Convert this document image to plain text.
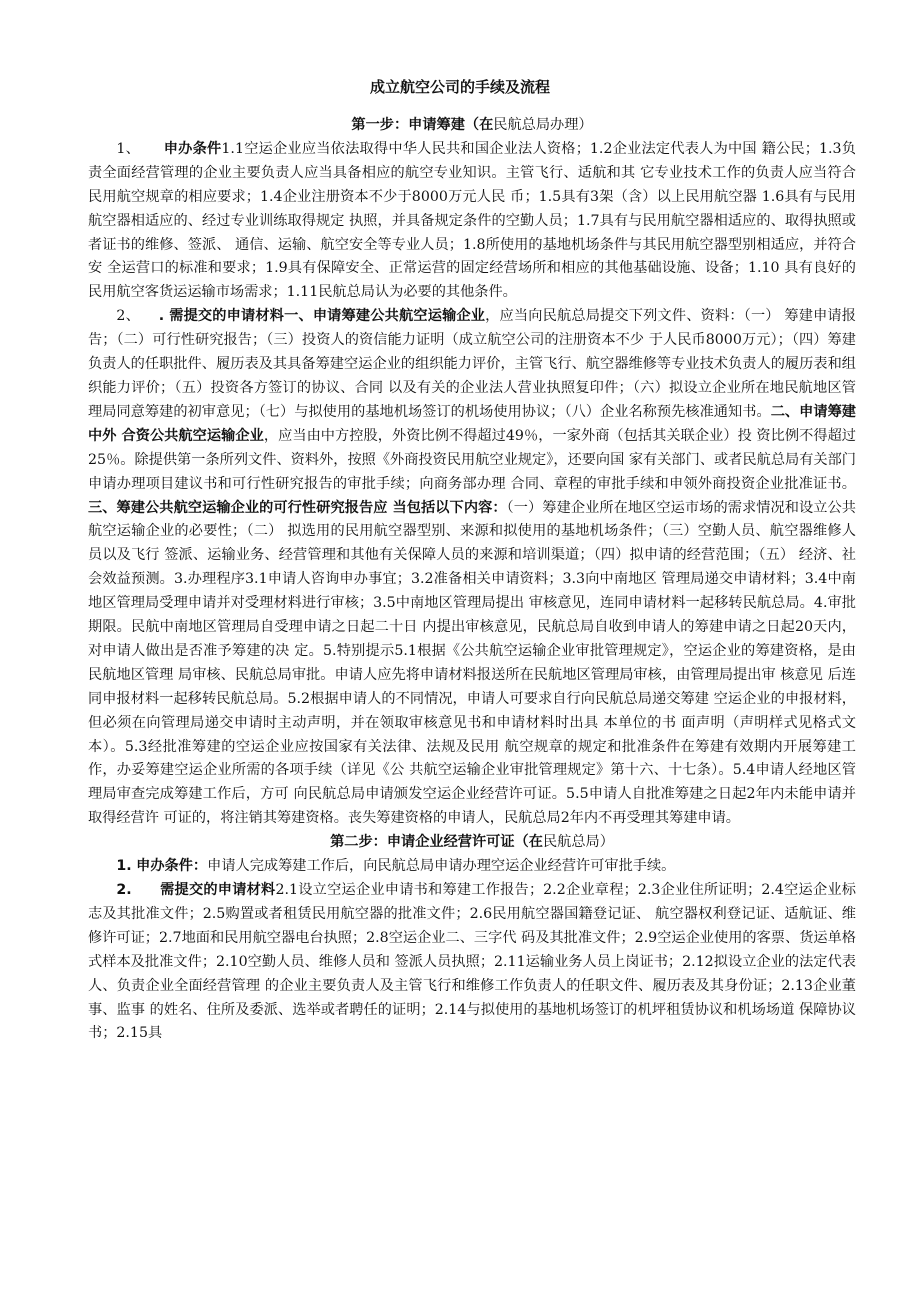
成立航空公司的手续及流程

第一步：申请筹建（在民航总局办理）

1、 申办条件1.1空运企业应当依法取得中华人民共和国企业法人资格；1.2企业法定代表人为中国 籍公民；1.3负责全面经营管理的企业主要负责人应当具备相应的航空专业知识。主管飞行、适航和其 它专业技术工作的负责人应当符合民用航空规章的相应要求；1.4企业注册资本不少于8000万元人民 币；1.5具有3架（含）以上民用航空器 1.6具有与民用航空器相适应的、经过专业训练取得规定 执照，并具备规定条件的空勤人员；1.7具有与民用航空器相适应的、取得执照或者证书的维修、签派、 通信、运输、航空安全等专业人员；1.8所使用的基地机场条件与其民用航空器型别相适应，并符合安 全运营口的标准和要求；1.9具有保障安全、正常运营的固定经营场所和相应的其他基础设施、设备；1.10 具有良好的民用航空客货运运输市场需求；1.11民航总局认为必要的其他条件。

2、 . 需提交的申请材料一、申请筹建公共航空运输企业，应当向民航总局提交下列文件、资料：（一） 筹建申请报告；（二）可行性研究报告；（三）投资人的资信能力证明（成立航空公司的注册资本不少 于人民币8000万元）；（四）筹建负责人的任职批件、履历表及其具备筹建空运企业的组织能力评价，主管飞行、航空器维修等专业技术负责人的履历表和组织能力评价；（五）投资各方签订的协议、合同 以及有关的企业法人营业执照复印件；（六）拟设立企业所在地民航地区管理局同意筹建的初审意见；（七）与拟使用的基地机场签订的机场使用协议；（八）企业名称预先核准通知书。二、申请筹建中外 合资公共航空运输企业，应当由中方控股，外资比例不得超过49％，一家外商（包括其关联企业）投 资比例不得超过25％。除提供第一条所列文件、资料外，按照《外商投资民用航空业规定》，还要向国 家有关部门、或者民航总局有关部门申请办理项目建议书和可行性研究报告的审批手续；向商务部办理 合同、章程的审批手续和申领外商投资企业批准证书。三、筹建公共航空运输企业的可行性研究报告应 当包括以下内容：（一）筹建企业所在地区空运市场的需求情况和设立公共航空运输企业的必要性；（二） 拟选用的民用航空器型别、来源和拟使用的基地机场条件；（三）空勤人员、航空器维修人员以及飞行 签派、运输业务、经营管理和其他有关保障人员的来源和培训渠道；（四）拟申请的经营范围；（五） 经济、社会效益预测。3.办理程序3.1申请人咨询申办事宜；3.2准备相关申请资料；3.3向中南地区 管理局递交申请材料；3.4中南地区管理局受理申请并对受理材料进行审核；3.5中南地区管理局提出 审核意见，连同申请材料一起移转民航总局。4.审批期限。民航中南地区管理局自受理申请之日起二十日 内提出审核意见，民航总局自收到申请人的筹建申请之日起20天内，对申请人做出是否准予筹建的决 定。5.特别提示5.1根据《公共航空运输企业审批管理规定》，空运企业的筹建资格，是由民航地区管理 局审核、民航总局审批。申请人应先将申请材料报送所在民航地区管理局审核，由管理局提出审 核意见 后连同申报材料一起移转民航总局。5.2根据申请人的不同情况，申请人可要求自行向民航总局递交筹建 空运企业的申报材料，但必须在向管理局递交申请时主动声明，并在领取审核意见书和申请材料时出具 本单位的书 面声明（声明样式见格式文本）。5.3经批准筹建的空运企业应按国家有关法律、法规及民用 航空规章的规定和批准条件在筹建有效期内开展筹建工作，办妥筹建空运企业所需的各项手续（详见《公 共航空运输企业审批管理规定》第十六、十七条）。5.4申请人经地区管理局审查完成筹建工作后，方可 向民航总局申请颁发空运企业经营许可证。5.5申请人自批准筹建之日起2年内未能申请并取得经营许 可证的，将注销其筹建资格。丧失筹建资格的申请人，民航总局2年内不再受理其筹建申请。

第二步：申请企业经营许可证（在民航总局）

1. 申办条件：申请人完成筹建工作后，向民航总局申请办理空运企业经营许可审批手续。

2. 需提交的申请材料2.1设立空运企业申请书和筹建工作报告；2.2企业章程；2.3企业住所证明；2.4空运企业标志及其批准文件；2.5购置或者租赁民用航空器的批准文件；2.6民用航空器国籍登记证、 航空器权利登记证、适航证、维修许可证；2.7地面和民用航空器电台执照；2.8空运企业二、三字代 码及其批准文件；2.9空运企业使用的客票、货运单格式样本及批准文件；2.10空勤人员、维修人员和 签派人员执照；2.11运输业务人员上岗证书；2.12拟设立企业的法定代表人、负责企业全面经营管理 的企业主要负责人及主管飞行和维修工作负责人的任职文件、履历表及其身份证；2.13企业董事、监事 的姓名、住所及委派、选举或者聘任的证明；2.14与拟使用的基地机场签订的机坪租赁协议和机场场道 保障协议书；2.15具
